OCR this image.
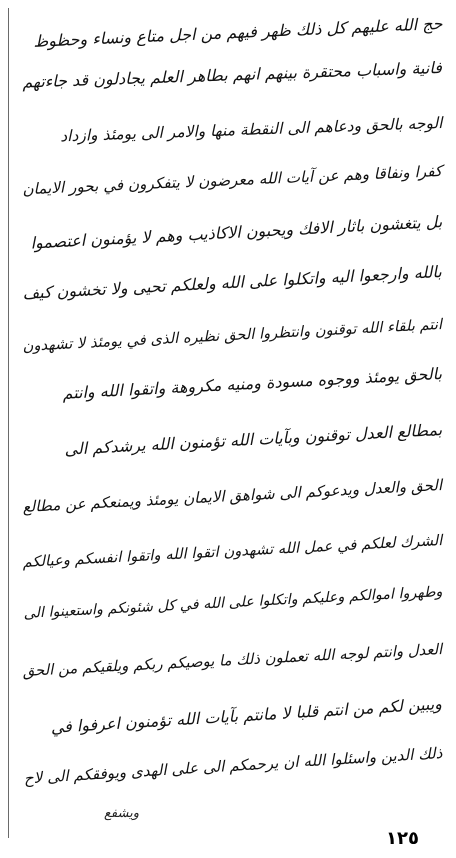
حج الله عليهم كل ذلك ظهر فيهم من اجل متاع ونساء وحظوظ
فانية واسباب محتقرة بينهم انهم بطاهر العلم يجادلون قد جاءتهم
الوجه بالحق ودعاهم الى النقطة منها والامر الى يومئذ وازداد
كفرا ونفاقا وهم عن آيات الله معرضون لا يتفكرون في بحور الايمان
بل يتغشون باثار الافك ويحبون الاكاذيب وهم لا يؤمنون اعتصموا
بالله وارجعوا اليه واتكلوا على الله ولعلكم تحيى ولا تخشون كيف
انتم بلقاء الله توقنون وانتظروا الحق نظيره الذى في يومئذ لا تشهدون
بالحق يومئذ ووجوه مسودة ومنيه مكروهة واتقوا الله وانتم
بمطالع العدل توقنون وبآيات الله تؤمنون الله يرشدكم الى
الحق والعدل ويدعوكم الى شواهق الايمان يومئذ ويمنعكم عن مطالع
الشرك لعلكم في عمل الله تشهدون اتقوا الله واتقوا انفسكم وعيالكم
وطهروا اموالكم وعليكم واتكلوا على الله في كل شئونكم واستعينوا الى
العدل وانتم لوجه الله تعملون ذلك ما يوصيكم ربكم ويلقيكم من الحق
ويبين لكم من انتم قلبا لا مانتم بآيات الله تؤمنون اعرفوا في
ذلك الدين واسئلوا الله ان يرحمكم الى على الهدى ويوفقكم الى لاح
ويشفع
١٢٥
